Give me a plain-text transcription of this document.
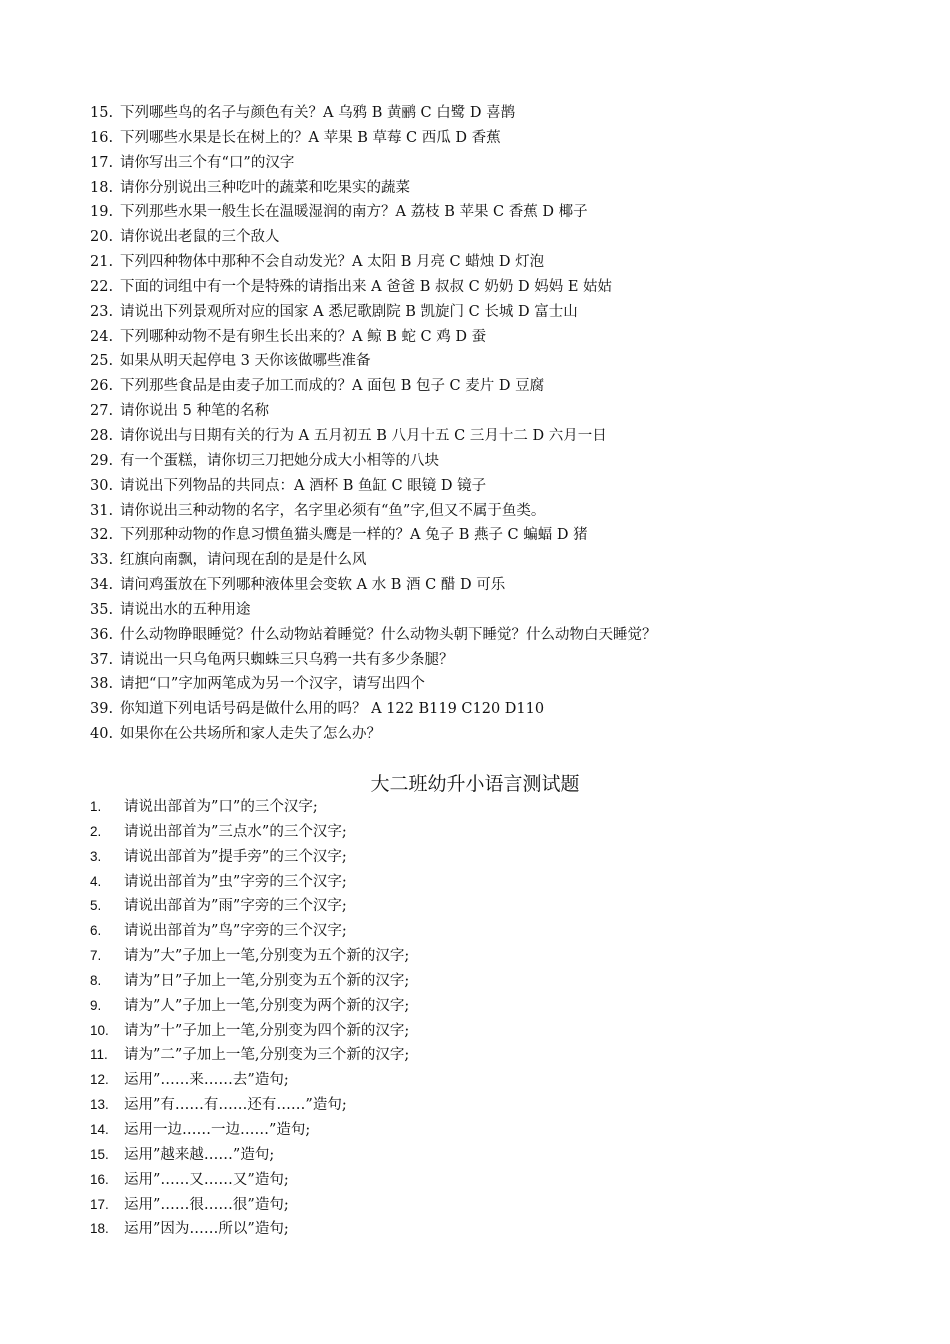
15. 下列哪些鸟的名子与颜色有关？A 乌鸦 B 黄鹂 C 白鹭 D 喜鹊
16. 下列哪些水果是长在树上的？A 苹果 B 草莓 C 西瓜 D 香蕉
17. 请你写出三个有“口”的汉字
18. 请你分别说出三种吃叶的蔬菜和吃果实的蔬菜
19. 下列那些水果一般生长在温暖湿润的南方？A 荔枝 B 苹果 C 香蕉 D 椰子
20. 请你说出老鼠的三个敌人
21. 下列四种物体中那种不会自动发光？A 太阳 B 月亮 C 蜡烛 D 灯泡
22. 下面的词组中有一个是特殊的请指出来 A 爸爸 B 叔叔 C 奶奶 D 妈妈 E 姑姑
23. 请说出下列景观所对应的国家 A 悉尼歌剧院 B 凯旋门 C 长城 D 富士山
24. 下列哪种动物不是有卵生长出来的？A 鲸 B 蛇 C 鸡 D 蚕
25. 如果从明天起停电 3 天你该做哪些准备
26. 下列那些食品是由麦子加工而成的？A 面包 B 包子 C 麦片 D 豆腐
27. 请你说出 5 种笔的名称
28. 请你说出与日期有关的行为 A 五月初五 B 八月十五 C 三月十二 D 六月一日
29. 有一个蛋糕，请你切三刀把她分成大小相等的八块
30. 请说出下列物品的共同点：A 酒杯 B 鱼缸 C 眼镜 D 镜子
31. 请你说出三种动物的名字，名字里必须有“鱼”字,但又不属于鱼类。
32. 下列那种动物的作息习惯鱼猫头鹰是一样的？A 兔子 B 燕子 C 蝙蝠 D 猪
33. 红旗向南飘，请问现在刮的是是什么风
34. 请问鸡蛋放在下列哪种液体里会变软 A 水 B 酒 C 醋 D 可乐
35. 请说出水的五种用途
36. 什么动物睁眼睡觉？什么动物站着睡觉？什么动物头朝下睡觉？什么动物白天睡觉？
37. 请说出一只乌龟两只蜘蛛三只乌鸦一共有多少条腿？
38. 请把“口”字加两笔成为另一个汉字，请写出四个
39. 你知道下列电话号码是做什么用的吗？ A 122 B119 C120 D110
40. 如果你在公共场所和家人走失了怎么办？
大二班幼升小语言测试题
1. 请说出部首为”口”的三个汉字;
2. 请说出部首为”三点水”的三个汉字;
3. 请说出部首为”提手旁”的三个汉字;
4. 请说出部首为”虫”字旁的三个汉字;
5. 请说出部首为”雨”字旁的三个汉字;
6. 请说出部首为”鸟”字旁的三个汉字;
7. 请为”大”子加上一笔,分别变为五个新的汉字;
8. 请为”日”子加上一笔,分别变为五个新的汉字;
9. 请为”人”子加上一笔,分别变为两个新的汉字;
10. 请为”十”子加上一笔,分别变为四个新的汉字;
11. 请为”二”子加上一笔,分别变为三个新的汉字;
12. 运用”……来……去”造句;
13. 运用”有……有……还有……”造句;
14. 运用一边……一边……”造句;
15. 运用”越来越……”造句;
16. 运用”……又……又”造句;
17. 运用”……很……很”造句;
18. 运用”因为……所以”造句;
